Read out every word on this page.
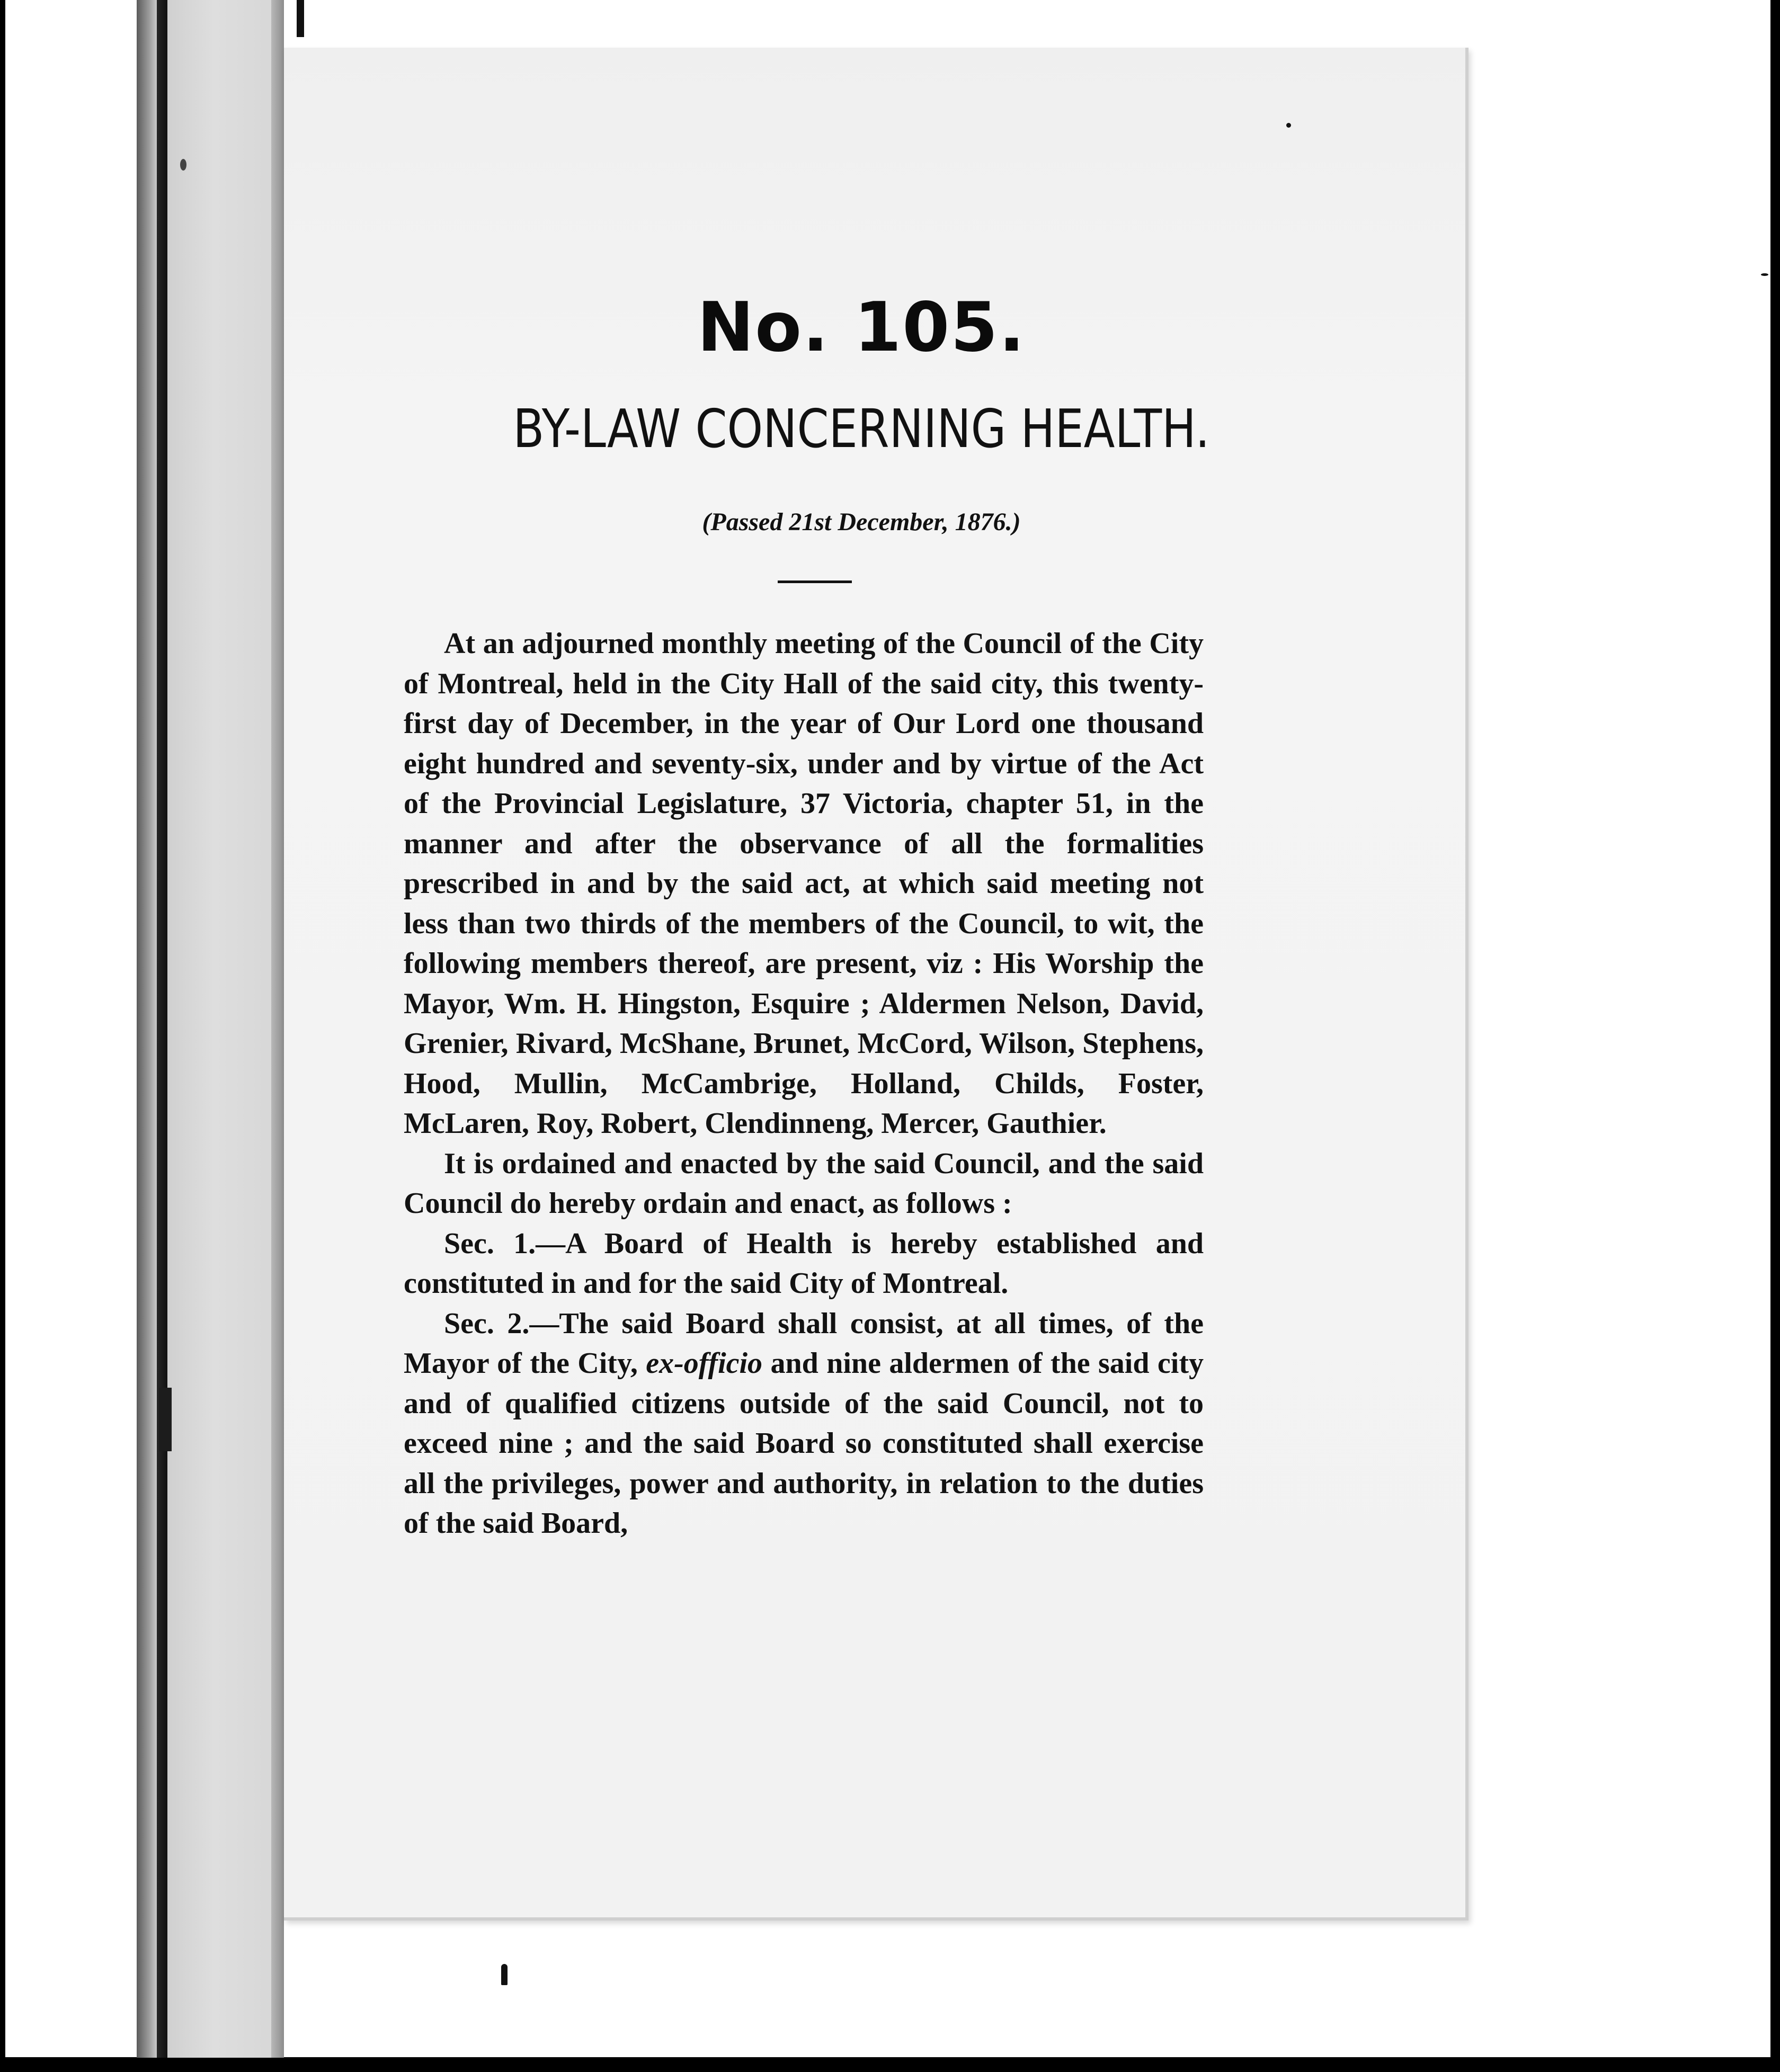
No. 105.
BY-LAW CONCERNING HEALTH.
(Passed 21st December, 1876.)

At an adjourned monthly meeting of the Council of the City of Montreal, held in the City Hall of the said city, this twenty-first day of December, in the year of Our Lord one thousand eight hundred and seventy-six, under and by virtue of the Act of the Provincial Legislature, 37 Victoria, chapter 51, in the manner and after the observance of all the formalities prescribed in and by the said act, at which said meeting not less than two thirds of the members of the Council, to wit, the following members thereof, are present, viz : His Worship the Mayor, Wm. H. Hingston, Esquire ; Aldermen Nelson, David, Grenier, Rivard, McShane, Brunet, McCord, Wilson, Stephens, Hood, Mullin, McCambrige, Holland, Childs, Foster, McLaren, Roy, Robert, Clendinneng, Mercer, Gauthier.

It is ordained and enacted by the said Council, and the said Council do hereby ordain and enact, as follows :

Sec. 1.—A Board of Health is hereby established and constituted in and for the said City of Montreal.

Sec. 2.—The said Board shall consist, at all times, of the Mayor of the City, ex-officio and nine aldermen of the said city and of qualified citizens outside of the said Council, not to exceed nine ; and the said Board so constituted shall exercise all the privileges, power and authority, in relation to the duties of the said Board,
